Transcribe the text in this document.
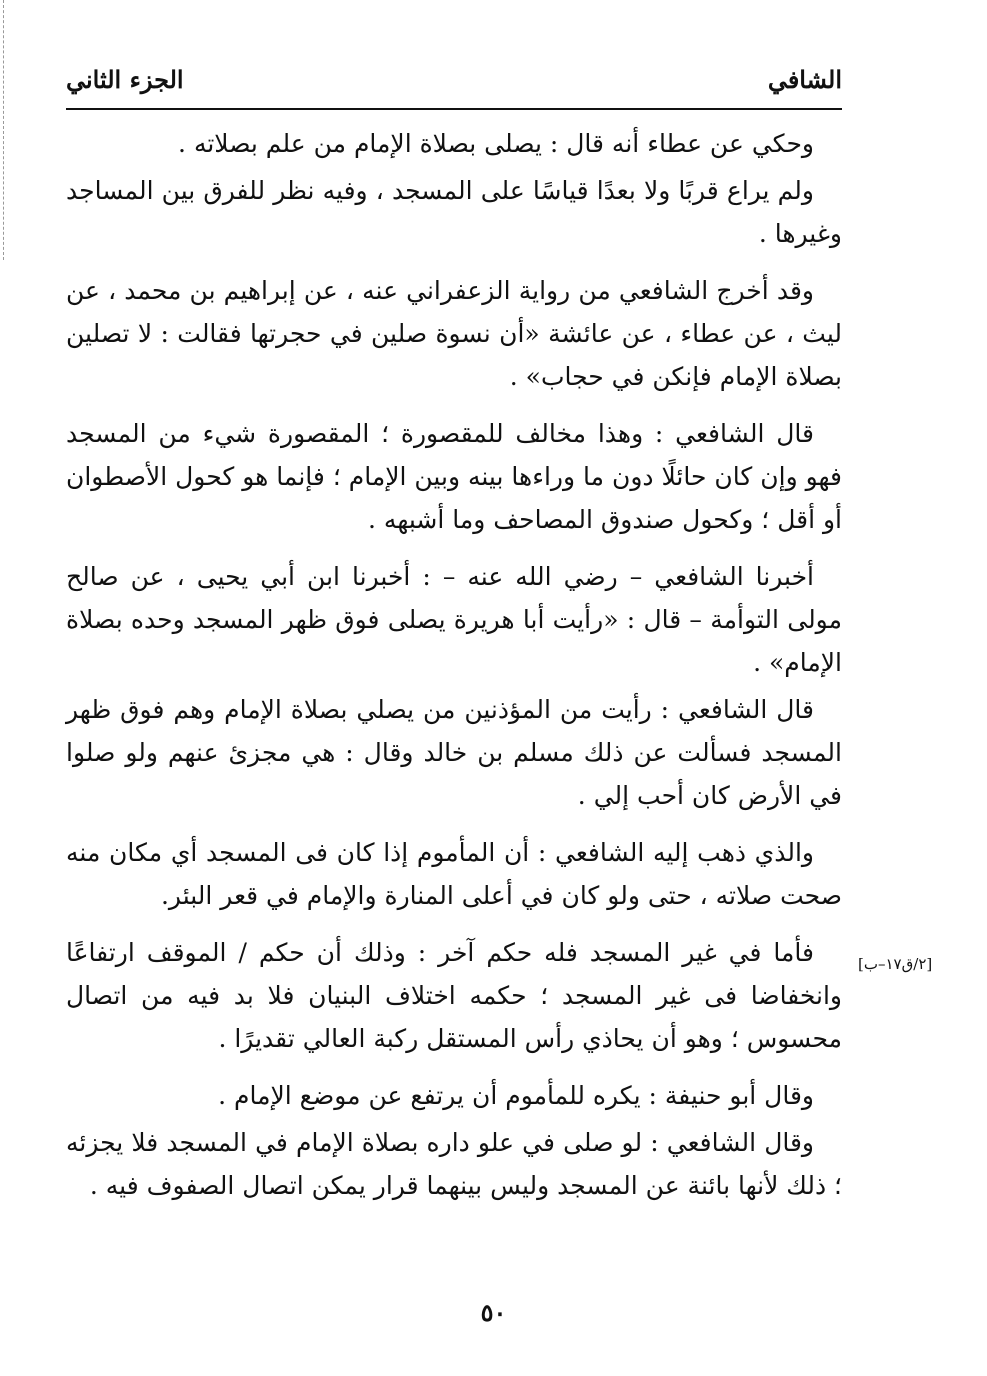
الشافي
الجزء الثاني

وحكي عن عطاء أنه قال : يصلى بصلاة الإمام من علم بصلاته .

ولم يراع قربًا ولا بعدًا قياسًا على المسجد ، وفيه نظر للفرق بين المساجد وغيرها .

وقد أخرج الشافعي من رواية الزعفراني عنه ، عن إبراهيم بن محمد ، عن ليث ، عن عطاء ، عن عائشة «أن نسوة صلين في حجرتها فقالت : لا تصلين بصلاة الإمام فإنكن في حجاب» .

قال الشافعي : وهذا مخالف للمقصورة ؛ المقصورة شيء من المسجد فهو وإن كان حائلًا دون ما وراءها بينه وبين الإمام ؛ فإنما هو كحول الأصطوان أو أقل ؛ وكحول صندوق المصاحف وما أشبهه .

أخبرنا الشافعي – رضي الله عنه – : أخبرنا ابن أبي يحيى ، عن صالح مولى التوأمة – قال : «رأيت أبا هريرة يصلى فوق ظهر المسجد وحده بصلاة الإمام» .

قال الشافعي : رأيت من المؤذنين من يصلي بصلاة الإمام وهم فوق ظهر المسجد فسألت عن ذلك مسلم بن خالد وقال : هي مجزئ عنهم ولو صلوا في الأرض كان أحب إلي .

والذي ذهب إليه الشافعي : أن المأموم إذا كان فى المسجد أي مكان منه صحت صلاته ، حتى ولو كان في أعلى المنارة والإمام في قعر البئر.

فأما في غير المسجد فله حكم آخر : وذلك أن حكم / الموقف ارتفاعًا وانخفاضا فى غير المسجد ؛ حكمه اختلاف البنيان فلا بد فيه من اتصال محسوس ؛ وهو أن يحاذي رأس المستقل ركبة العالي تقديرًا .

وقال أبو حنيفة : يكره للمأموم أن يرتفع عن موضع الإمام .

وقال الشافعي : لو صلى في علو داره بصلاة الإمام في المسجد فلا يجزئه ؛ ذلك لأنها بائنة عن المسجد وليس بينهما قرار يمكن اتصال الصفوف فيه .

[٢/ق١٧–ب]
٥٠
